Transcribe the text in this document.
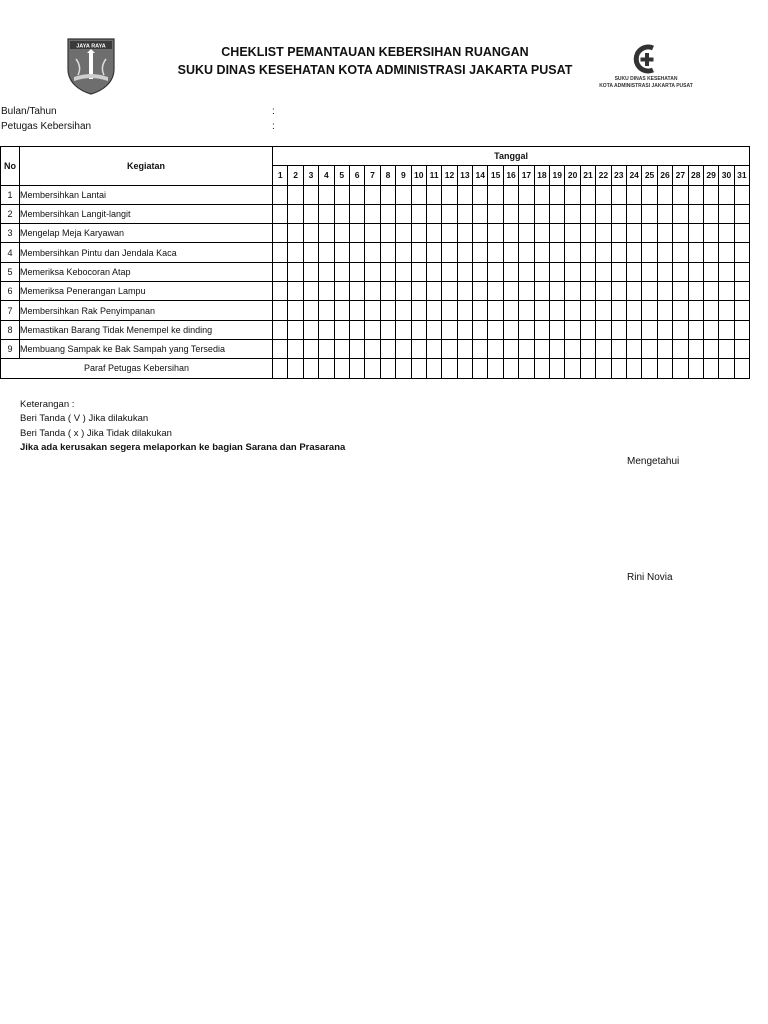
JAYA RAYA	CHEKLIST PEMANTAUAN KEBERSIHAN RUANGAN
SUKU DINAS KESEHATAN KOTA ADMINISTRASI JAKARTA PUSAT
SUKU DINAS KESEHATAN
KOTA ADMINISTRASI JAKARTA PUSAT
Bulan/Tahun	:
Petugas Kebersihan	:
No	Kegiatan	Tanggal																														
		1	2	3	4	5	6	7	8	9	10	11	12	13	14	15	16	17	18	19	20	21	22	23	24	25	26	27	28	29	30	31
1	Membersihkan Lantai																															
2	Membersihkan Langit-langit																															
3	Mengelap Meja Karyawan																															
4	Membersihkan Pintu dan Jendala Kaca																															
5	Memeriksa Kebocoran Atap																															
6	Memeriksa Penerangan Lampu																															
7	Membersihkan Rak Penyimpanan																															
8	Memastikan Barang Tidak Menempel ke dinding																															
9	Membuang Sampak ke Bak Sampah yang Tersedia																															
Paraf Petugas Kebersihan																																
Keterangan :
Beri Tanda ( V ) Jika dilakukan
Beri Tanda ( x ) Jika Tidak dilakukan
Jika ada kerusakan segera melaporkan ke bagian Sarana dan Prasarana
Mengetahui
Rini Novia
